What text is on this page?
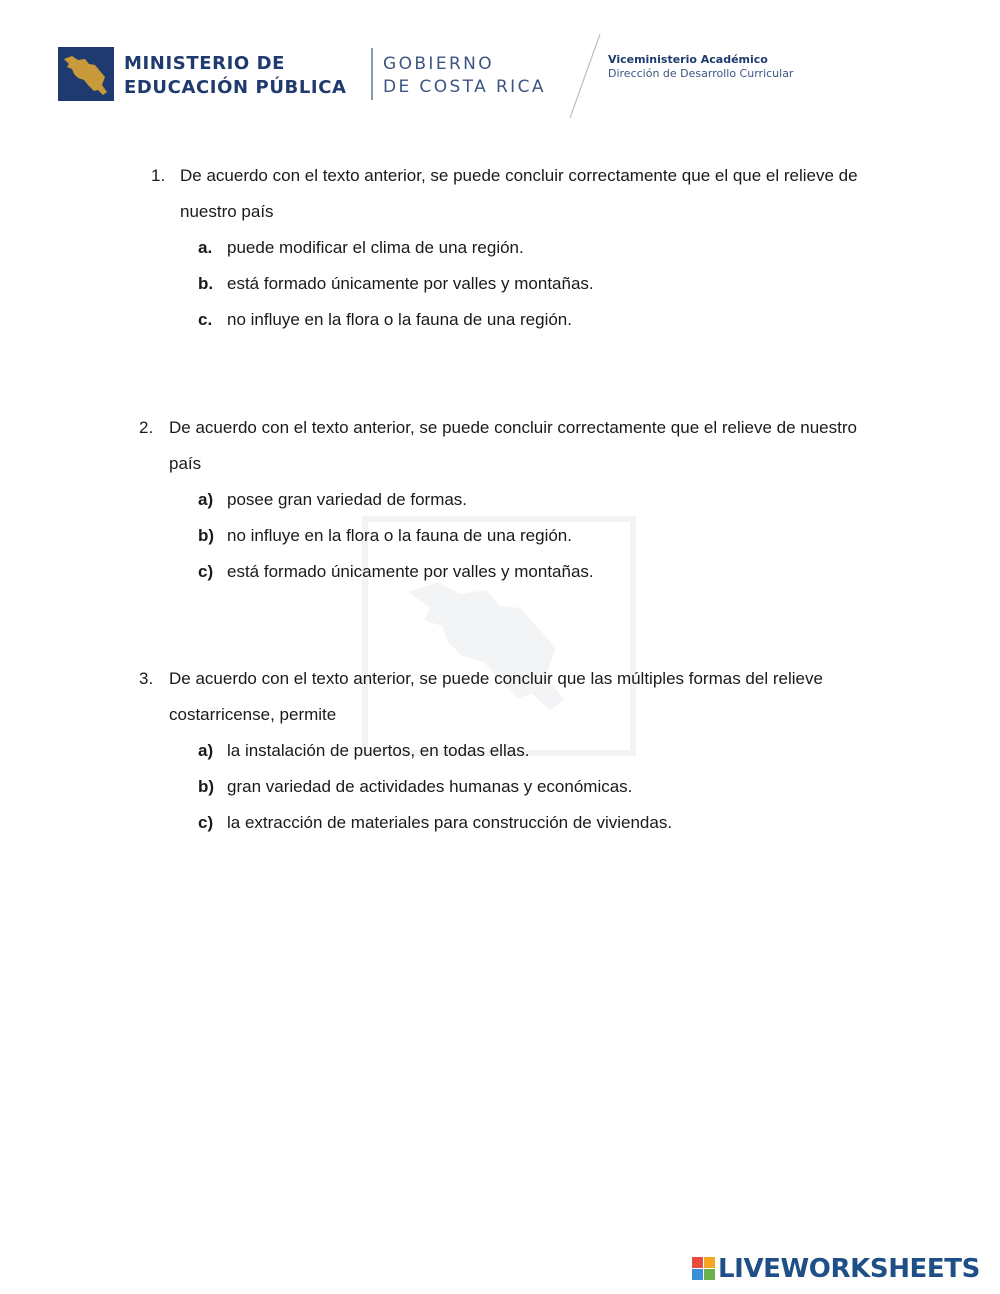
MINISTERIO DE
EDUCACIÓN PÚBLICA
GOBIERNO
DE COSTA RICA
Viceministerio Académico
Dirección de Desarrollo Curricular
1. De acuerdo con el texto anterior, se puede concluir correctamente que el que el relieve de nuestro país
a. puede modificar el clima de una región.
b. está formado únicamente por valles y montañas.
c. no influye en la flora o la fauna de una región.
2. De acuerdo con el texto anterior, se puede concluir correctamente que el relieve de nuestro país
a) posee gran variedad de formas.
b) no influye en la flora o la fauna de una región.
c) está formado únicamente por valles y montañas.
3. De acuerdo con el texto anterior, se puede concluir que las múltiples formas del relieve costarricense, permite
a) la instalación de puertos, en todas ellas.
b) gran variedad de actividades humanas y económicas.
c) la extracción de materiales para construcción de viviendas.
LIVEWORKSHEETS
